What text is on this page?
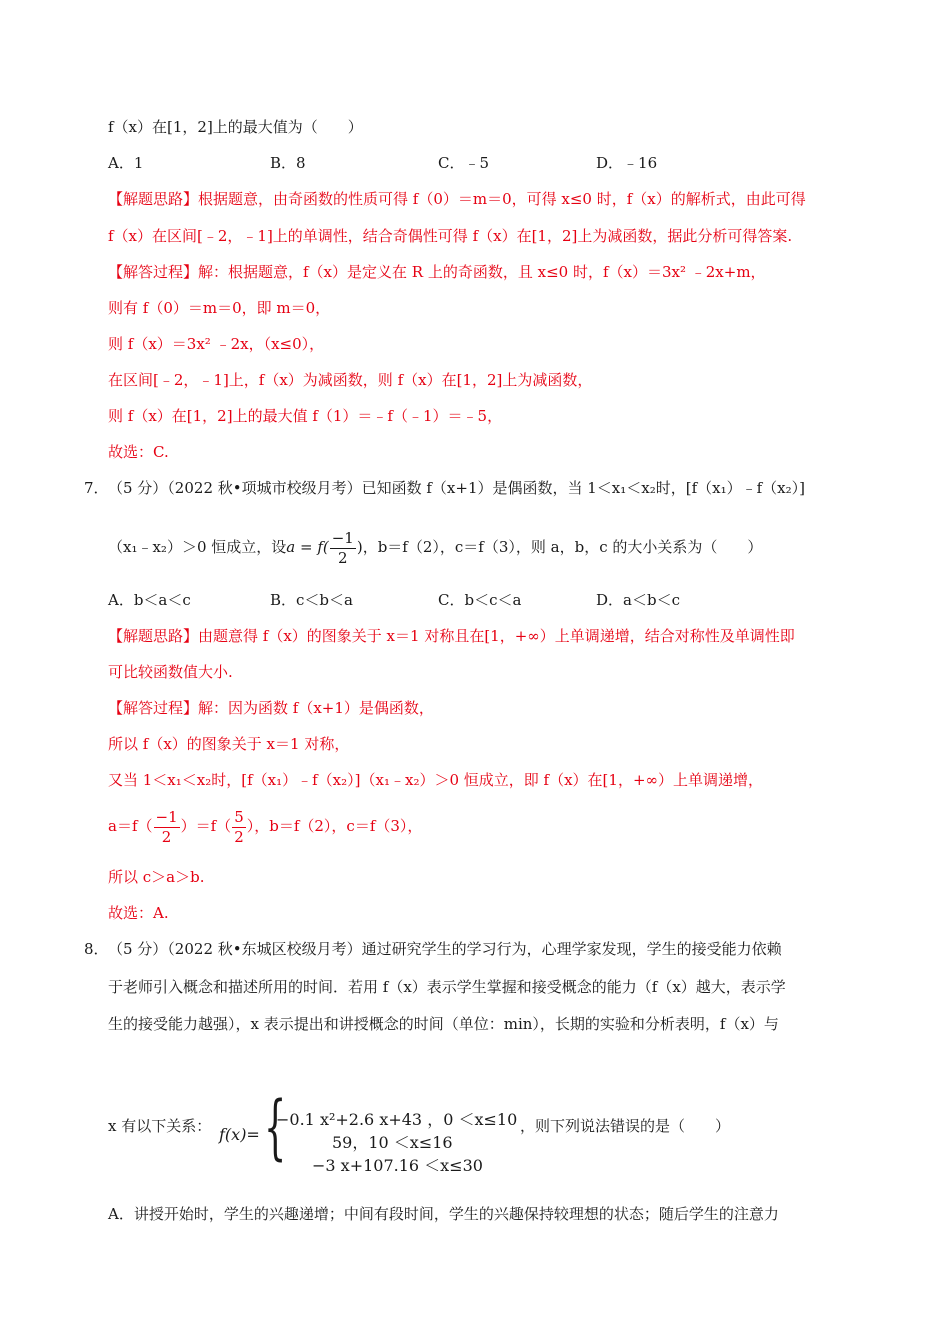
f（x）在[1，2]上的最大值为（　　）
A．1	B．8	C．﹣5	D．﹣16
【解题思路】根据题意，由奇函数的性质可得 f（0）＝m＝0，可得 x≤0 时，f（x）的解析式，由此可得
f（x）在区间[﹣2，﹣1]上的单调性，结合奇偶性可得 f（x）在[1，2]上为减函数，据此分析可得答案.
【解答过程】解：根据题意，f（x）是定义在 R 上的奇函数，且 x≤0 时，f（x）＝3x² ﹣2x+m，
则有 f（0）＝m＝0，即 m＝0，
则 f（x）＝3x² ﹣2x，（x≤0），
在区间[﹣2，﹣1]上，f（x）为减函数，则 f（x）在[1，2]上为减函数，
则 f（x）在[1，2]上的最大值 f（1）＝﹣f（﹣1）＝﹣5，
故选：C.
7． （5 分）（2022 秋•项城市校级月考）已知函数 f（x+1）是偶函数，当 1＜x₁＜x₂时，[f（x₁）﹣f（x₂）]
（x₁﹣x₂）＞0 恒成立，设$a = f( \frac{-1}{2}$ )，b＝f（2），c＝f（3），则 a，b，c 的大小关系为（　　）
A．b＜a＜c	B．c＜b＜a	C．b＜c＜a	D．a＜b＜c
【解题思路】由题意得 f（x）的图象关于 x＝1 对称且在[1，+∞）上单调递增，结合对称性及单调性即
可比较函数值大小.
【解答过程】解：因为函数 f（x+1）是偶函数，
所以 f（x）的图象关于 x＝1 对称，
又当 1＜x₁＜x₂时，[f（x₁）﹣f（x₂）]（x₁﹣x₂）＞0 恒成立，即 f（x）在[1，+∞）上单调递增，
$a=f( \frac{-1}{2} )=f( \frac{5}{2}$ ），b＝f（2），c＝f（3），
所以 c＞a＞b.
故选：A.
8． （5 分）（2022 秋•东城区校级月考）通过研究学生的学习行为，心理学家发现，学生的接受能力依赖
于老师引入概念和描述所用的时间．若用 f（x）表示学生掌握和接受概念的能力（f（x）越大，表示学
生的接受能力越强），x 表示提出和讲授概念的时间（单位：min），长期的实验和分析表明，f（x）与
x 有以下关系： f(x)= {
−0.1 x²+2.6 x+43 ，0 ＜x≤10
59，10 ＜x≤16
−3 x+107.16 ＜x≤30
，则下列说法错误的是（　　）
A．讲授开始时，学生的兴趣递增；中间有段时间，学生的兴趣保持较理想的状态；随后学生的注意力
